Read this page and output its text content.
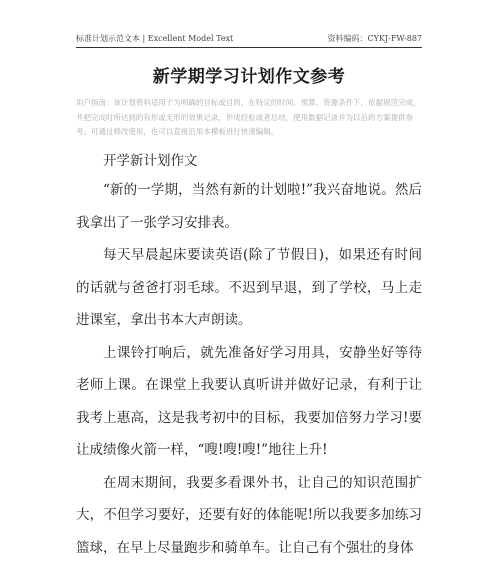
标准计划示范文本 | Excellent Model Text	资料编码：CYKJ-FW-887
新学期学习计划作文参考
用户指南：该计划资料适用于为明确的目标或目的，在特定的时间、预算、资源条件下，依据规范完成，并把完成时所达到的有形或无形的效果记录，形成经验或者总结，使用数据记录并为以后的方案提供参考。可通过修改使用，也可以直接沿用本模板进行快速编辑。

开学新计划作文

“新的一学期，当然有新的计划啦!”我兴奋地说。然后我拿出了一张学习安排表。

每天早晨起床要读英语(除了节假日)，如果还有时间的话就与爸爸打羽毛球。不迟到早退，到了学校，马上走进课室，拿出书本大声朗读。

上课铃打响后，就先准备好学习用具，安静坐好等待老师上课。在课堂上我要认真听讲并做好记录，有利于让我考上惠高，这是我考初中的目标，我要加倍努力学习!要让成绩像火箭一样，“嗖!嗖!嗖!”地往上升!

在周末期间，我要多看课外书，让自己的知识范围扩大，不但学习要好，还要有好的体能呢!所以我要多加练习篮球，在早上尽量跑步和骑单车。让自己有个强壮的身体
